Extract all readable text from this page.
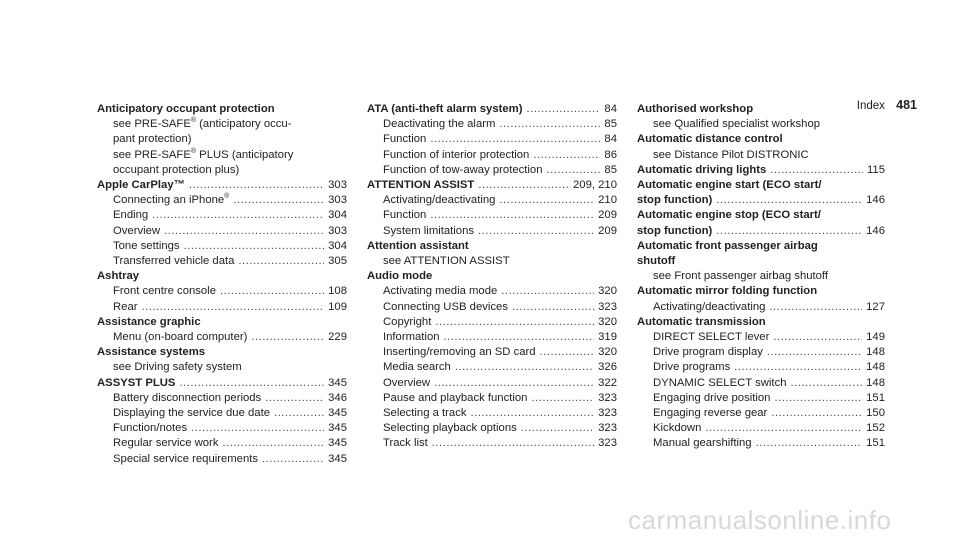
Index 481
Anticipatory occupant protection
see PRE-SAFE® (anticipatory occu-
pant protection)
see PRE-SAFE® PLUS (anticipatory
occupant protection plus)
Apple CarPlay™ .....	303
Connecting an iPhone® .....	303
Ending .....	304
Overview .....	303
Tone settings .....	304
Transferred vehicle data .....	305
Ashtray
Front centre console .....	108
Rear .....	109
Assistance graphic
Menu (on-board computer) .....	229
Assistance systems
see Driving safety system
ASSYST PLUS .....	345
Battery disconnection periods .....	346
Displaying the service due date .....	345
Function/notes .....	345
Regular service work .....	345
Special service requirements .....	345
ATA (anti-theft alarm system) .....	84
Deactivating the alarm .....	85
Function .....	84
Function of interior protection .....	86
Function of tow-away protection .....	85
ATTENTION ASSIST .....	209, 210
Activating/deactivating .....	210
Function .....	209
System limitations .....	209
Attention assistant
see ATTENTION ASSIST
Audio mode
Activating media mode .....	320
Connecting USB devices .....	323
Copyright .....	320
Information .....	319
Inserting/removing an SD card .....	320
Media search .....	326
Overview .....	322
Pause and playback function .....	323
Selecting a track .....	323
Selecting playback options .....	323
Track list .....	323
Authorised workshop
see Qualified specialist workshop
Automatic distance control
see Distance Pilot DISTRONIC
Automatic driving lights .....	115
Automatic engine start (ECO start/
stop function) .....	146
Automatic engine stop (ECO start/
stop function) .....	146
Automatic front passenger airbag
shutoff
see Front passenger airbag shutoff
Automatic mirror folding function
Activating/deactivating .....	127
Automatic transmission
DIRECT SELECT lever .....	149
Drive program display .....	148
Drive programs .....	148
DYNAMIC SELECT switch .....	148
Engaging drive position .....	151
Engaging reverse gear .....	150
Kickdown .....	152
Manual gearshifting .....	151
carmanualsonline.info
